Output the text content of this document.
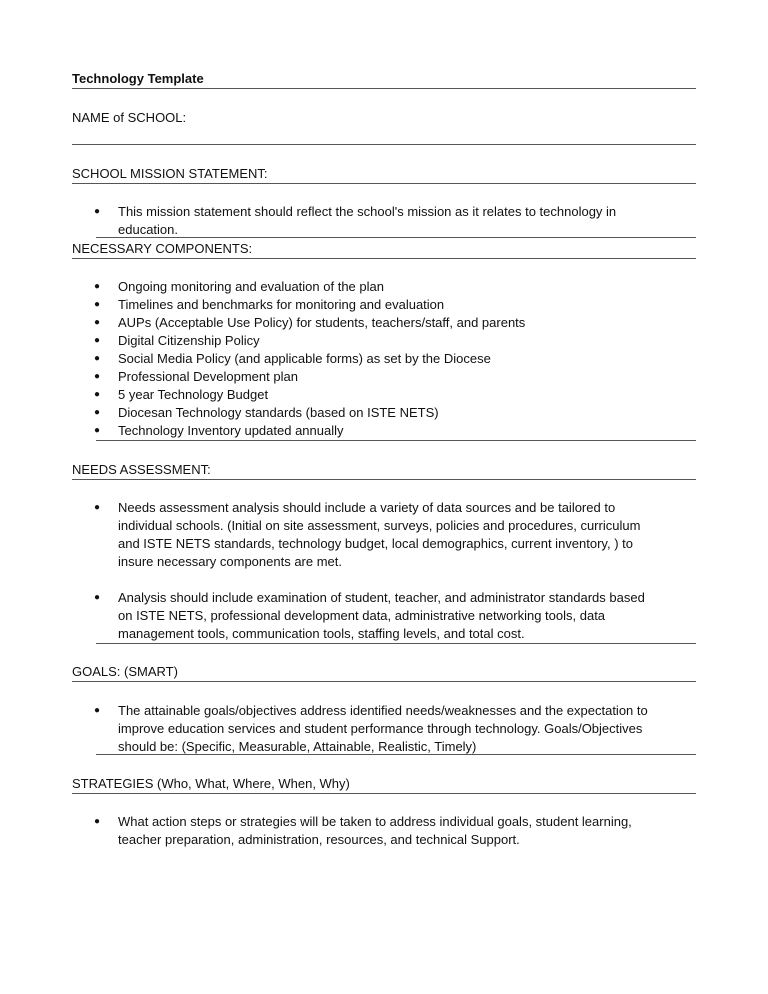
Technology Template
NAME of SCHOOL:
SCHOOL MISSION STATEMENT:
● This mission statement should reflect the school's mission as it relates to technology in education.
NECESSARY COMPONENTS:
● Ongoing monitoring and evaluation of the plan
● Timelines and benchmarks for monitoring and evaluation
● AUPs (Acceptable Use Policy) for students, teachers/staff, and parents
● Digital Citizenship Policy
● Social Media Policy (and applicable forms) as set by the Diocese
● Professional Development plan
● 5 year Technology Budget
● Diocesan Technology standards (based on ISTE NETS)
● Technology Inventory updated annually
NEEDS ASSESSMENT:
● Needs assessment analysis should include a variety of data sources and be tailored to individual schools. (Initial on site assessment, surveys, policies and procedures, curriculum and ISTE NETS standards, technology budget, local demographics, current inventory, ) to insure necessary components are met.
● Analysis should include examination of student, teacher, and administrator standards based on ISTE NETS, professional development data, administrative networking tools, data management tools, communication tools, staffing levels, and total cost.
GOALS: (SMART)
● The attainable goals/objectives address identified needs/weaknesses and the expectation to improve education services and student performance through technology. Goals/Objectives should be: (Specific, Measurable, Attainable, Realistic, Timely)
STRATEGIES (Who, What, Where, When, Why)
● What action steps or strategies will be taken to address individual goals, student learning, teacher preparation, administration, resources, and technical Support.
